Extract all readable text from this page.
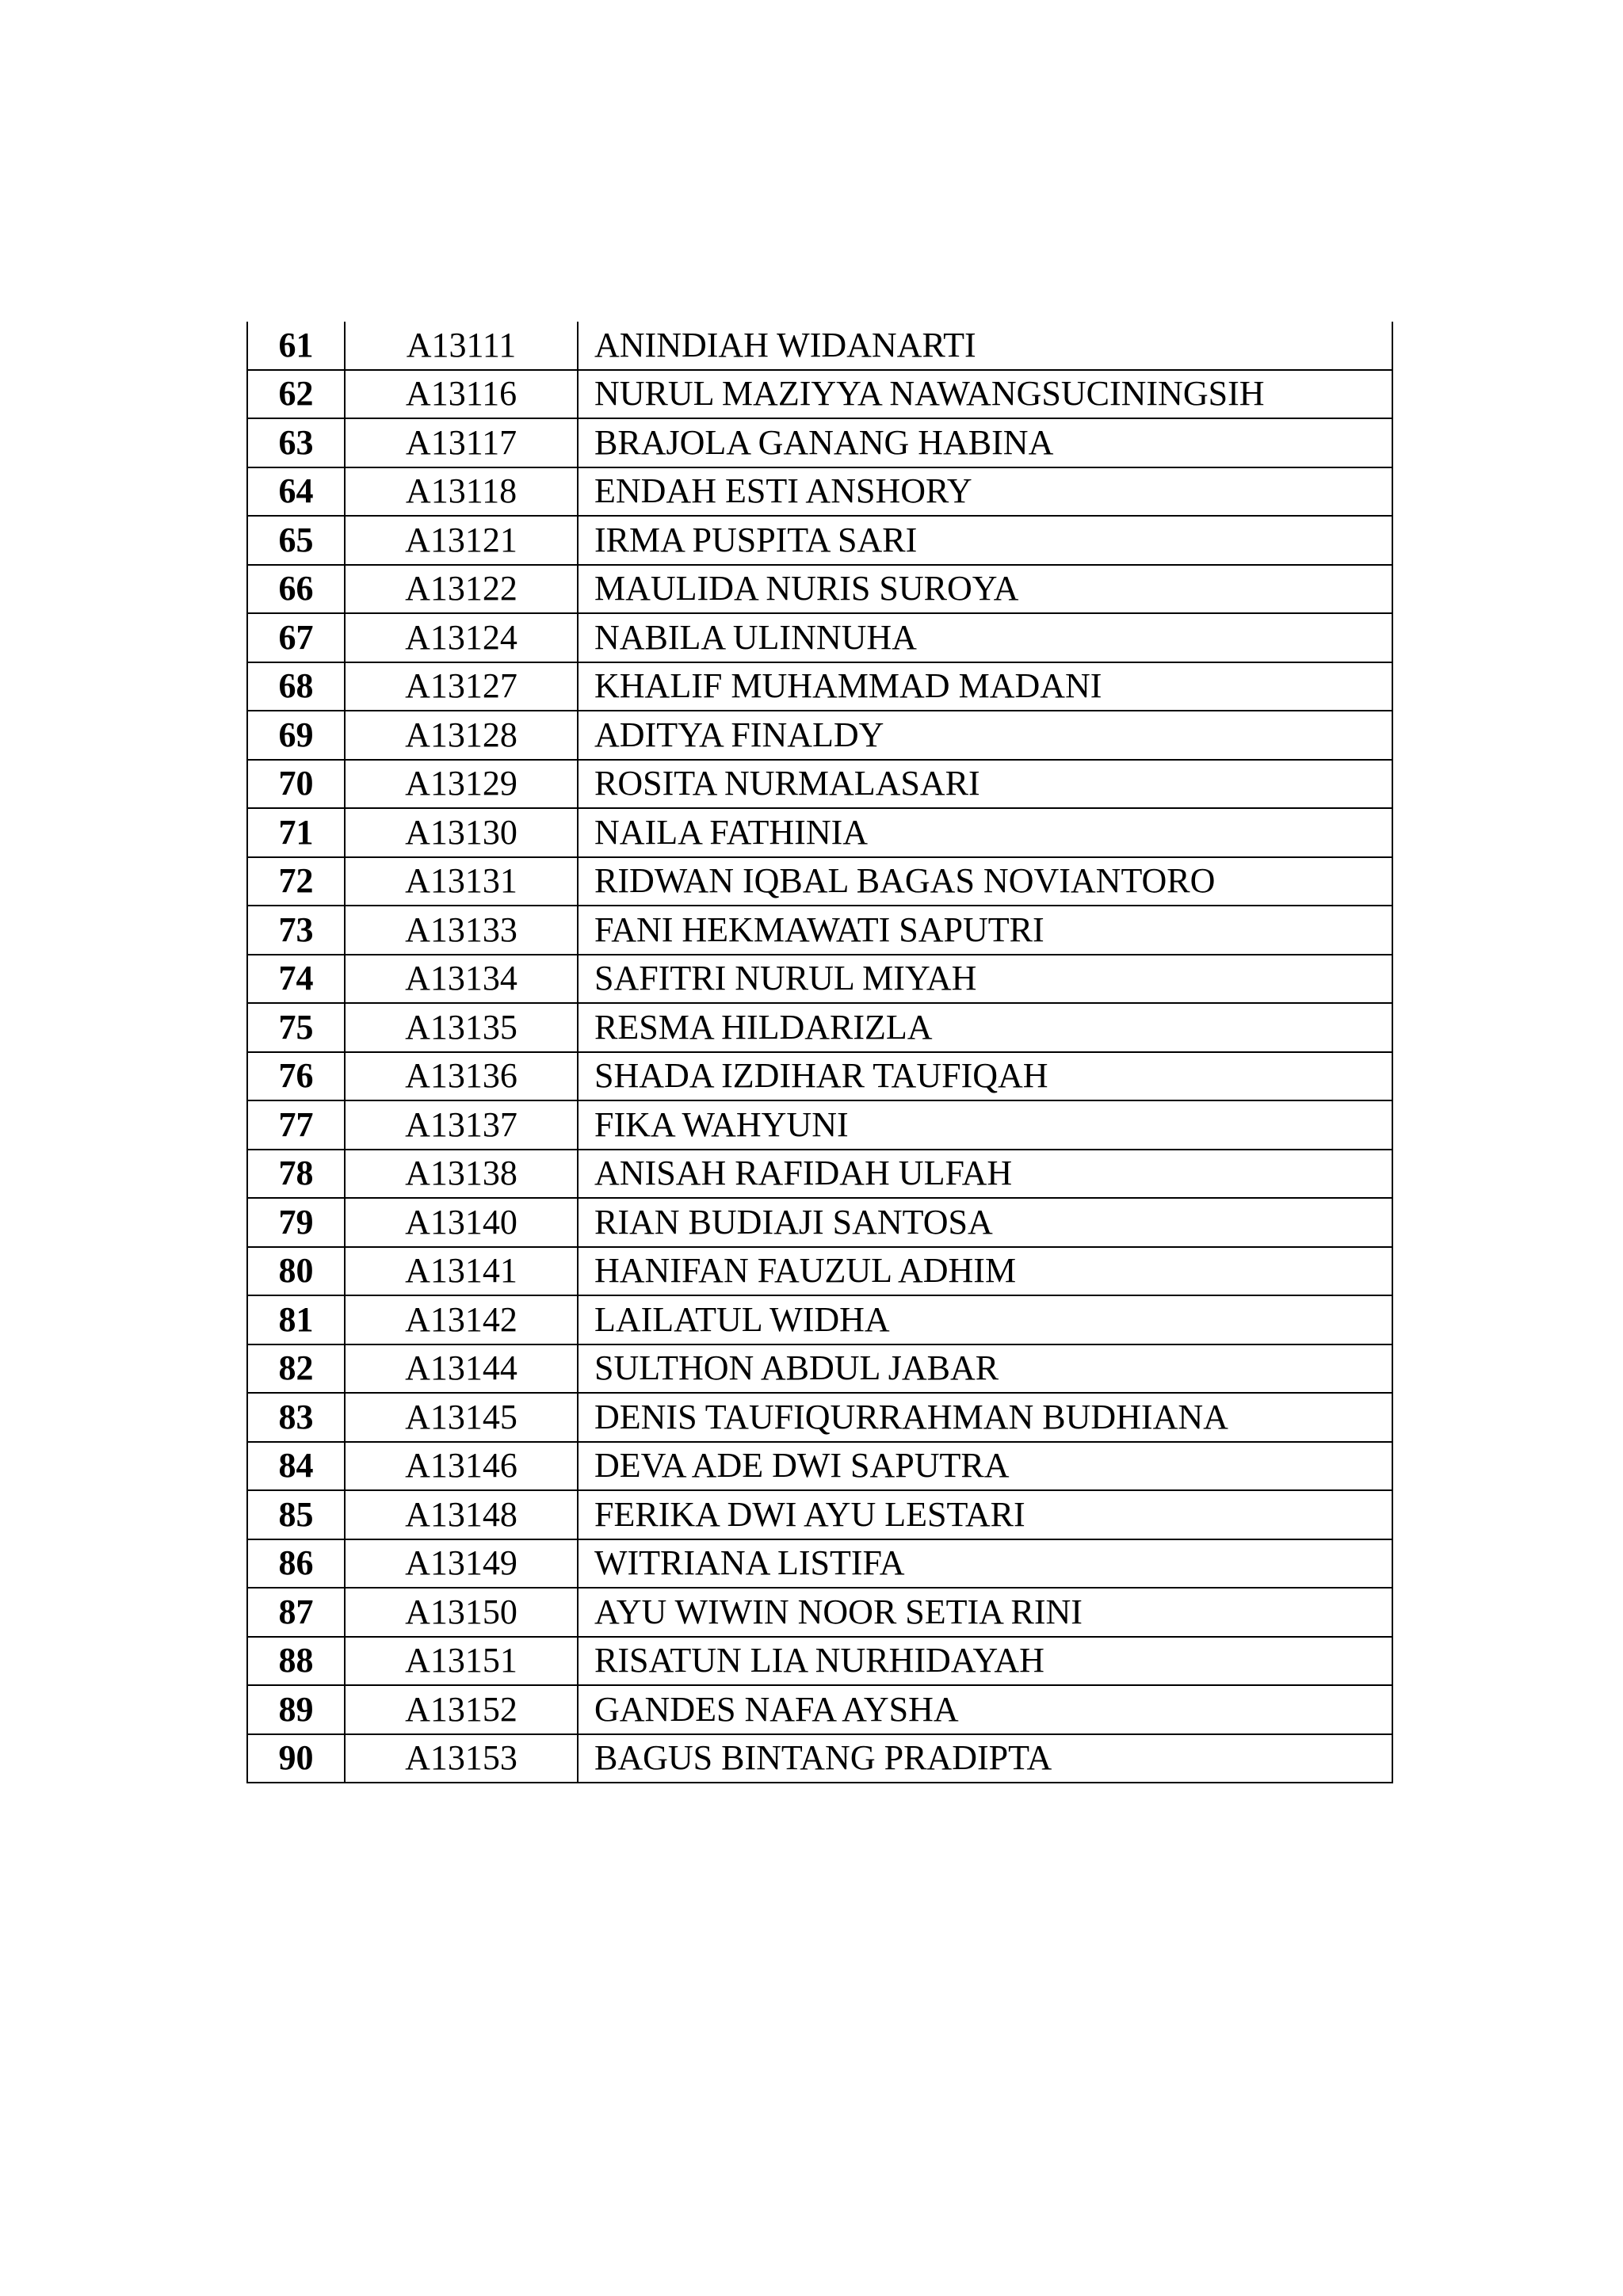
61	A13111	ANINDIAH WIDANARTI
62	A13116	NURUL MAZIYYA NAWANGSUCININGSIH
63	A13117	BRAJOLA GANANG HABINA
64	A13118	ENDAH ESTI ANSHORY
65	A13121	IRMA PUSPITA SARI
66	A13122	MAULIDA NURIS SUROYA
67	A13124	NABILA ULINNUHA
68	A13127	KHALIF MUHAMMAD MADANI
69	A13128	ADITYA FINALDY
70	A13129	ROSITA NURMALASARI
71	A13130	NAILA FATHINIA
72	A13131	RIDWAN IQBAL BAGAS NOVIANTORO
73	A13133	FANI HEKMAWATI SAPUTRI
74	A13134	SAFITRI NURUL MIYAH
75	A13135	RESMA HILDARIZLA
76	A13136	SHADA IZDIHAR TAUFIQAH
77	A13137	FIKA WAHYUNI
78	A13138	ANISAH RAFIDAH ULFAH
79	A13140	RIAN BUDIAJI SANTOSA
80	A13141	HANIFAN FAUZUL ADHIM
81	A13142	LAILATUL WIDHA
82	A13144	SULTHON ABDUL JABAR
83	A13145	DENIS TAUFIQURRAHMAN BUDHIANA
84	A13146	DEVA ADE DWI SAPUTRA
85	A13148	FERIKA DWI AYU LESTARI
86	A13149	WITRIANA LISTIFA
87	A13150	AYU WIWIN NOOR SETIA RINI
88	A13151	RISATUN LIA NURHIDAYAH
89	A13152	GANDES NAFA AYSHA
90	A13153	BAGUS BINTANG PRADIPTA
